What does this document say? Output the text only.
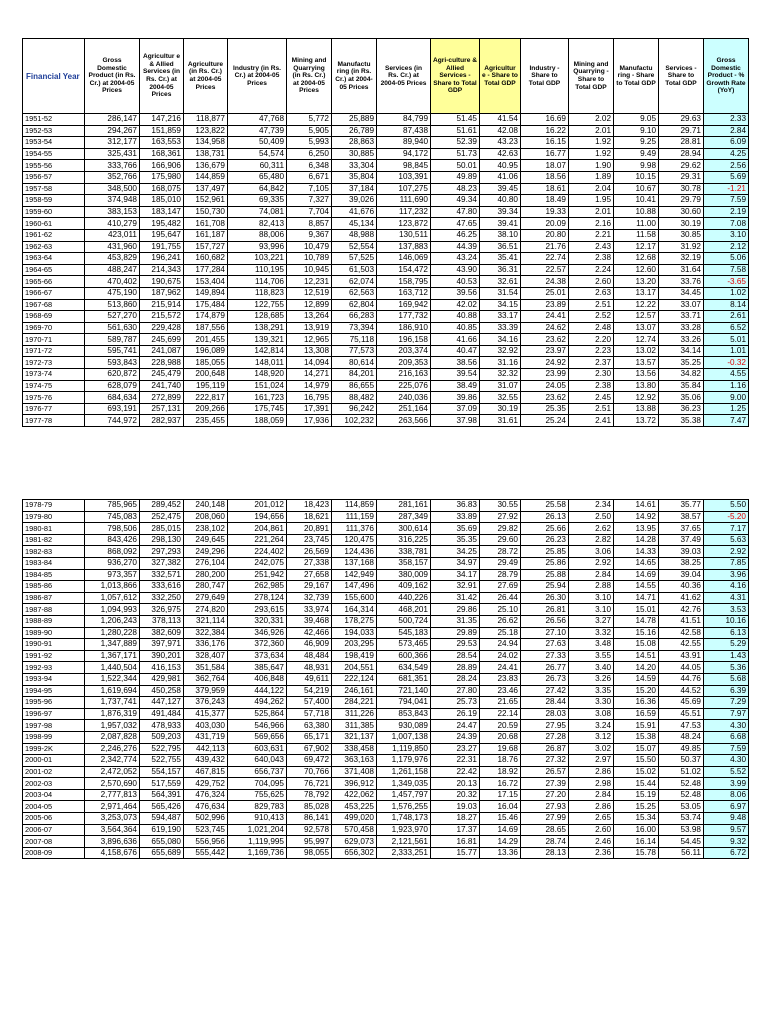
Financial Year	Gross Domestic Product (in Rs. Cr.) at 2004-05 Prices	Agricultur e & Allied Services (in Rs. Cr.) at 2004-05 Prices	Agriculture (in Rs. Cr.) at 2004-05 Prices	Industry (in Rs. Cr.) at 2004-05 Prices	Mining and Quarrying (in Rs. Cr.) at 2004-05 Prices	Manufactu ring (in Rs. Cr.) at 2004-05 Prices	Services (in Rs. Cr.) at 2004-05 Prices	Agri-culture & Allied Services -Share to Total GDP	Agricultur e - Share to Total GDP	Industry - Share to Total GDP	Mining and Quarrying - Share to Total GDP	Manufactu ring - Share to Total GDP	Services - Share to Total GDP	Gross Domestic Product - % Growth Rate (YoY)
1951-52	286,147	147,216	118,877	47,768	5,772	25,889	84,799	51.45	41.54	16.69	2.02	9.05	29.63	2.33
1952-53	294,267	151,859	123,822	47,739	5,905	26,789	87,438	51.61	42.08	16.22	2.01	9.10	29.71	2.84
1953-54	312,177	163,553	134,958	50,409	5,993	28,863	89,940	52.39	43.23	16.15	1.92	9.25	28.81	6.09
1954-55	325,431	168,361	138,731	54,574	6,250	30,885	94,172	51.73	42.63	16.77	1.92	9.49	28.94	4.25
1955-56	333,766	166,906	136,679	60,311	6,348	33,304	98,845	50.01	40.95	18.07	1.90	9.98	29.62	2.56
1956-57	352,766	175,980	144,859	65,480	6,671	35,804	103,391	49.89	41.06	18.56	1.89	10.15	29.31	5.69
1957-58	348,500	168,075	137,497	64,842	7,105	37,184	107,275	48.23	39.45	18.61	2.04	10.67	30.78	-1.21
1958-59	374,948	185,010	152,961	69,335	7,327	39,026	111,690	49.34	40.80	18.49	1.95	10.41	29.79	7.59
1959-60	383,153	183,147	150,730	74,081	7,704	41,676	117,232	47.80	39.34	19.33	2.01	10.88	30.60	2.19
1960-61	410,279	195,482	161,708	82,413	8,857	45,134	123,872	47.65	39.41	20.09	2.16	11.00	30.19	7.08
1961-62	423,011	195,647	161,187	88,006	9,367	48,988	130,511	46.25	38.10	20.80	2.21	11.58	30.85	3.10
1962-63	431,960	191,755	157,727	93,996	10,479	52,554	137,883	44.39	36.51	21.76	2.43	12.17	31.92	2.12
1963-64	453,829	196,241	160,682	103,221	10,789	57,525	146,069	43.24	35.41	22.74	2.38	12.68	32.19	5.06
1964-65	488,247	214,343	177,284	110,195	10,945	61,503	154,472	43.90	36.31	22.57	2.24	12.60	31.64	7.58
1965-66	470,402	190,675	153,404	114,706	12,231	62,074	158,795	40.53	32.61	24.38	2.60	13.20	33.76	-3.65
1966-67	475,190	187,962	149,894	118,823	12,519	62,563	163,712	39.56	31.54	25.01	2.63	13.17	34.45	1.02
1967-68	513,860	215,914	175,484	122,755	12,899	62,804	169,942	42.02	34.15	23.89	2.51	12.22	33.07	8.14
1968-69	527,270	215,572	174,879	128,685	13,264	66,283	177,732	40.88	33.17	24.41	2.52	12.57	33.71	2.61
1969-70	561,630	229,428	187,556	138,291	13,919	73,394	186,910	40.85	33.39	24.62	2.48	13.07	33.28	6.52
1970-71	589,787	245,699	201,455	139,321	12,965	75,118	196,158	41.66	34.16	23.62	2.20	12.74	33.26	5.01
1971-72	595,741	241,087	196,089	142,814	13,308	77,573	203,374	40.47	32.92	23.97	2.23	13.02	34.14	1.01
1972-73	593,843	228,988	185,055	148,011	14,094	80,614	209,353	38.56	31.16	24.92	2.37	13.57	35.25	-0.32
1973-74	620,872	245,479	200,648	148,920	14,271	84,201	216,163	39.54	32.32	23.99	2.30	13.56	34.82	4.55
1974-75	628,079	241,740	195,119	151,024	14,979	86,655	225,076	38.49	31.07	24.05	2.38	13.80	35.84	1.16
1975-76	684,634	272,899	222,817	161,723	16,795	88,482	240,036	39.86	32.55	23.62	2.45	12.92	35.06	9.00
1976-77	693,191	257,131	209,266	175,745	17,391	96,242	251,164	37.09	30.19	25.35	2.51	13.88	36.23	1.25
1977-78	744,972	282,937	235,455	188,059	17,936	102,232	263,566	37.98	31.61	25.24	2.41	13.72	35.38	7.47
1978-79	785,965	289,452	240,148	201,012	18,423	114,859	281,161	36.83	30.55	25.58	2.34	14.61	35.77	5.50
1979-80	745,083	252,475	208,060	194,656	18,621	111,159	287,349	33.89	27.92	26.13	2.50	14.92	38.57	-5.20
1980-81	798,506	285,015	238,102	204,861	20,891	111,376	300,614	35.69	29.82	25.66	2.62	13.95	37.65	7.17
1981-82	843,426	298,130	249,645	221,264	23,745	120,475	316,225	35.35	29.60	26.23	2.82	14.28	37.49	5.63
1982-83	868,092	297,293	249,296	224,402	26,569	124,436	338,781	34.25	28.72	25.85	3.06	14.33	39.03	2.92
1983-84	936,270	327,382	276,104	242,075	27,338	137,168	358,157	34.97	29.49	25.86	2.92	14.65	38.25	7.85
1984-85	973,357	332,571	280,200	251,942	27,658	142,949	380,009	34.17	28.79	25.88	2.84	14.69	39.04	3.96
1985-86	1,013,866	333,616	280,747	262,985	29,167	147,496	409,162	32.91	27.69	25.94	2.88	14.55	40.36	4.16
1986-87	1,057,612	332,250	279,649	278,124	32,739	155,600	440,226	31.42	26.44	26.30	3.10	14.71	41.62	4.31
1987-88	1,094,993	326,975	274,820	293,615	33,974	164,314	468,201	29.86	25.10	26.81	3.10	15.01	42.76	3.53
1988-89	1,206,243	378,113	321,114	320,331	39,468	178,275	500,724	31.35	26.62	26.56	3.27	14.78	41.51	10.16
1989-90	1,280,228	382,609	322,384	346,926	42,466	194,033	545,183	29.89	25.18	27.10	3.32	15.16	42.58	6.13
1990-91	1,347,889	397,971	336,176	372,360	46,909	203,295	573,465	29.53	24.94	27.63	3.48	15.08	42.55	5.29
1991-92	1,367,171	390,201	328,407	373,634	48,484	198,419	600,366	28.54	24.02	27.33	3.55	14.51	43.91	1.43
1992-93	1,440,504	416,153	351,584	385,647	48,931	204,551	634,549	28.89	24.41	26.77	3.40	14.20	44.05	5.36
1993-94	1,522,344	429,981	362,764	406,848	49,611	222,124	681,351	28.24	23.83	26.73	3.26	14.59	44.76	5.68
1994-95	1,619,694	450,258	379,959	444,122	54,219	246,161	721,140	27.80	23.46	27.42	3.35	15.20	44.52	6.39
1995-96	1,737,741	447,127	376,243	494,262	57,400	284,221	794,041	25.73	21.65	28.44	3.30	16.36	45.69	7.29
1996-97	1,876,319	491,484	415,377	525,864	57,718	311,226	853,843	26.19	22.14	28.03	3.08	16.59	45.51	7.97
1997-98	1,957,032	478,933	403,030	546,966	63,380	311,385	930,089	24.47	20.59	27.95	3.24	15.91	47.53	4.30
1998-99	2,087,828	509,203	431,719	569,656	65,171	321,137	1,007,138	24.39	20.68	27.28	3.12	15.38	48.24	6.68
1999-2K	2,246,276	522,795	442,113	603,631	67,902	338,458	1,119,850	23.27	19.68	26.87	3.02	15.07	49.85	7.59
2000-01	2,342,774	522,755	439,432	640,043	69,472	363,163	1,179,976	22.31	18.76	27.32	2.97	15.50	50.37	4.30
2001-02	2,472,052	554,157	467,815	656,737	70,766	371,408	1,261,158	22.42	18.92	26.57	2.86	15.02	51.02	5.52
2002-03	2,570,690	517,559	429,752	704,095	76,721	396,912	1,349,035	20.13	16.72	27.39	2.98	15.44	52.48	3.99
2003-04	2,777,813	564,391	476,324	755,625	78,792	422,062	1,457,797	20.32	17.15	27.20	2.84	15.19	52.48	8.06
2004-05	2,971,464	565,426	476,634	829,783	85,028	453,225	1,576,255	19.03	16.04	27.93	2.86	15.25	53.05	6.97
2005-06	3,253,073	594,487	502,996	910,413	86,141	499,020	1,748,173	18.27	15.46	27.99	2.65	15.34	53.74	9.48
2006-07	3,564,364	619,190	523,745	1,021,204	92,578	570,458	1,923,970	17.37	14.69	28.65	2.60	16.00	53.98	9.57
2007-08	3,896,636	655,080	556,956	1,119,995	95,997	629,073	2,121,561	16.81	14.29	28.74	2.46	16.14	54.45	9.32
2008-09	4,158,676	655,689	555,442	1,169,736	98,055	656,302	2,333,251	15.77	13.36	28.13	2.36	15.78	56.11	6.72
